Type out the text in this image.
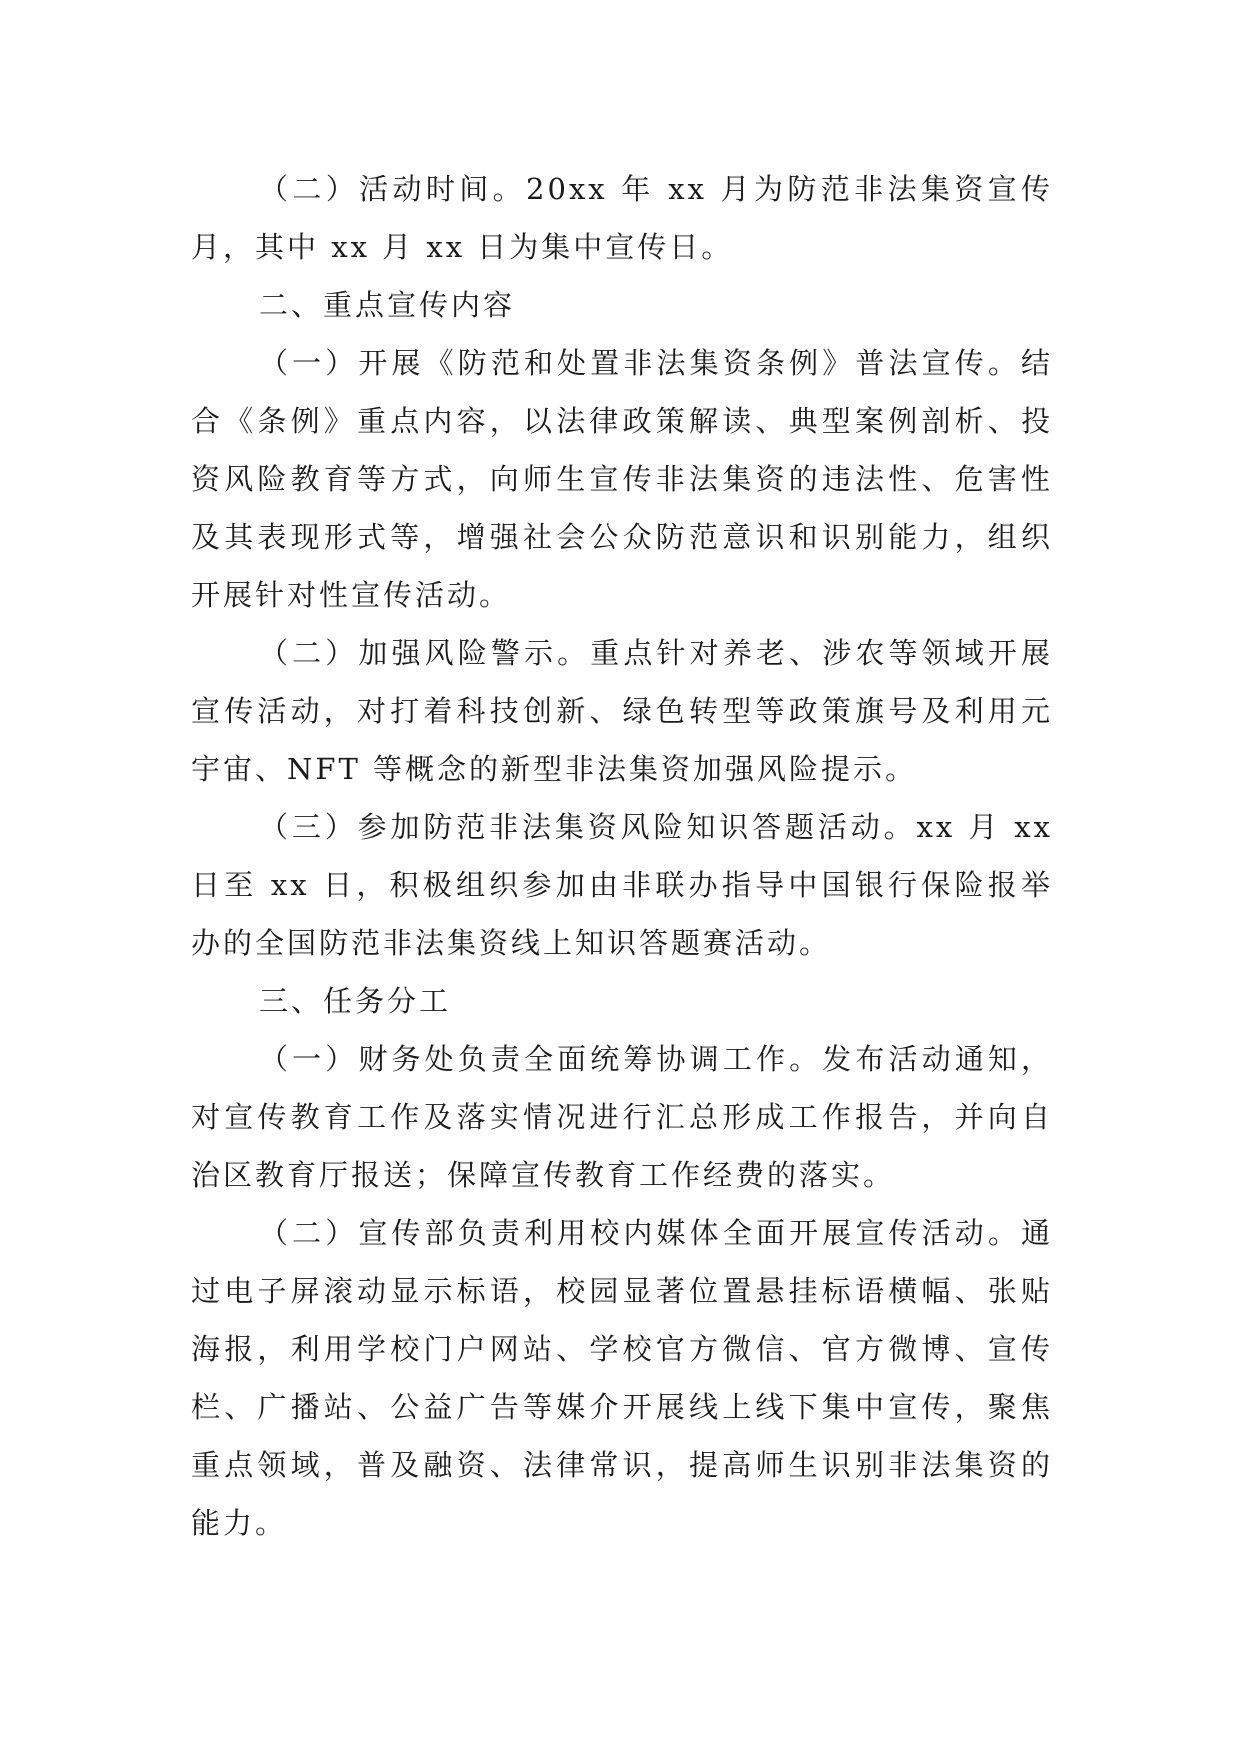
（二）活动时间。20xx 年 xx 月为防范非法集资宣传月，其中 xx 月 xx 日为集中宣传日。

二、重点宣传内容

（一）开展《防范和处置非法集资条例》普法宣传。结合《条例》重点内容，以法律政策解读、典型案例剖析、投资风险教育等方式，向师生宣传非法集资的违法性、危害性及其表现形式等，增强社会公众防范意识和识别能力，组织开展针对性宣传活动。

（二）加强风险警示。重点针对养老、涉农等领域开展宣传活动，对打着科技创新、绿色转型等政策旗号及利用元宇宙、NFT 等概念的新型非法集资加强风险提示。

（三）参加防范非法集资风险知识答题活动。xx 月 xx 日至 xx 日，积极组织参加由非联办指导中国银行保险报举办的全国防范非法集资线上知识答题赛活动。

三、任务分工

（一）财务处负责全面统筹协调工作。发布活动通知，对宣传教育工作及落实情况进行汇总形成工作报告，并向自治区教育厅报送；保障宣传教育工作经费的落实。

（二）宣传部负责利用校内媒体全面开展宣传活动。通过电子屏滚动显示标语，校园显著位置悬挂标语横幅、张贴海报，利用学校门户网站、学校官方微信、官方微博、宣传栏、广播站、公益广告等媒介开展线上线下集中宣传，聚焦重点领域，普及融资、法律常识，提高师生识别非法集资的能力。
